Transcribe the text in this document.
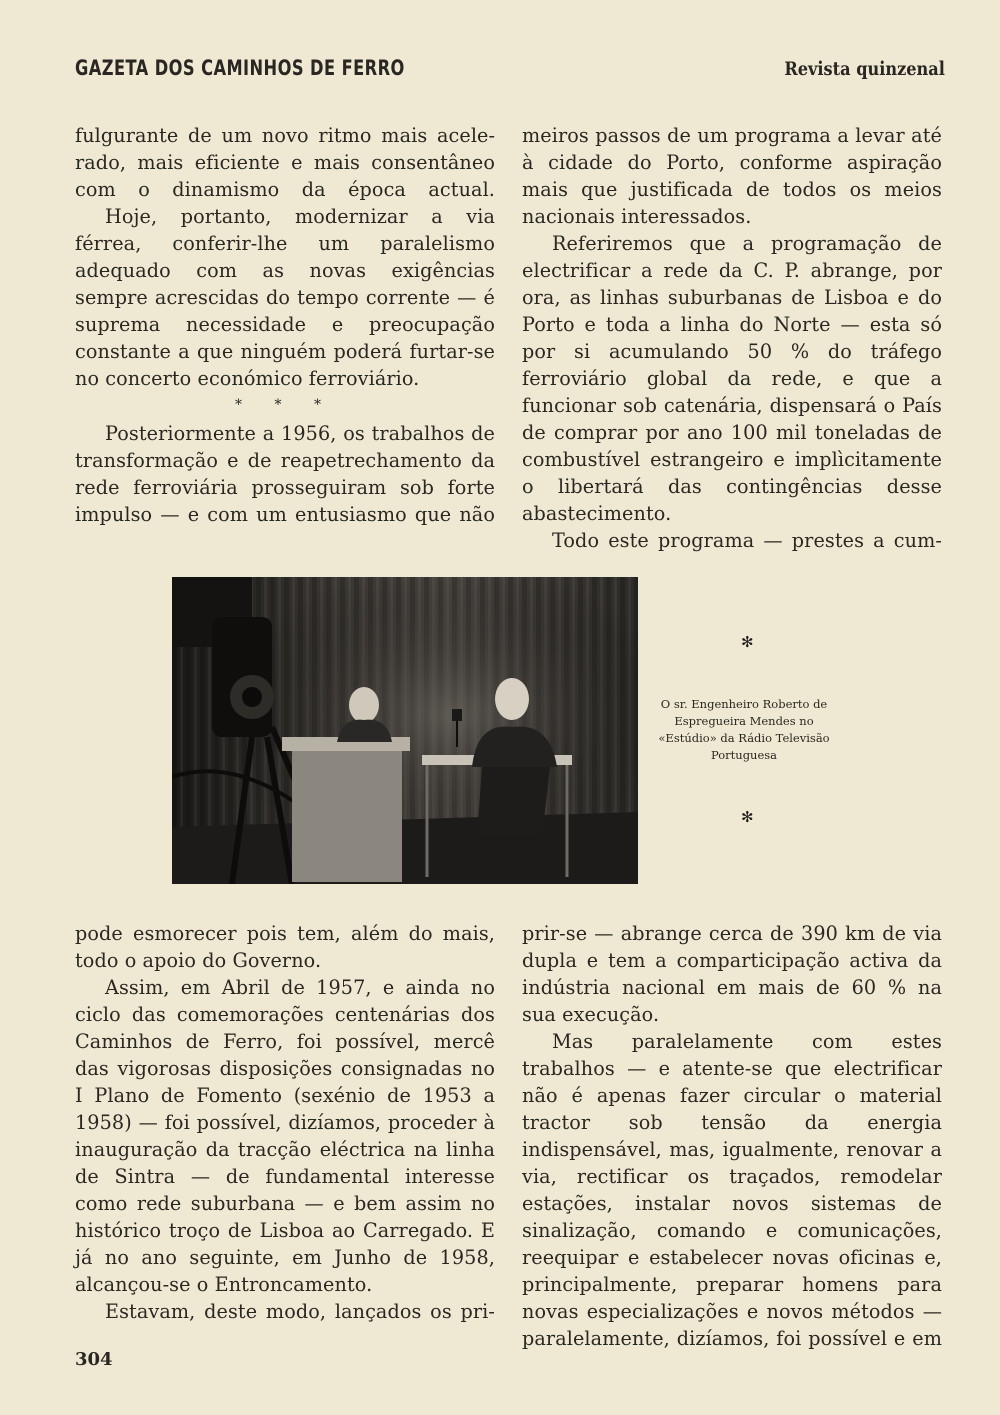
GAZETA DOS CAMINHOS DE FERRO	Revista quinzenal

fulgurante de um novo ritmo mais acelerado, mais eficiente e mais consentâneo com o dinamismo da época actual.

Hoje, portanto, modernizar a via férrea, conferir-lhe um paralelismo adequado com as novas exigências sempre acrescidas do tempo corrente — é suprema necessidade e preocupação constante a que ninguém poderá furtar-se no concerto económico ferroviário.

* * *

Posteriormente a 1956, os trabalhos de transformação e de reapetrechamento da rede ferroviária prosseguiram sob forte impulso — e com um entusiasmo que não

meiros passos de um programa a levar até à cidade do Porto, conforme aspiração mais que justificada de todos os meios nacionais interessados.

Referiremos que a programação de electrificar a rede da C. P. abrange, por ora, as linhas suburbanas de Lisboa e do Porto e toda a linha do Norte — esta só por si acumulando 50 % do tráfego ferroviário global da rede, e que a funcionar sob catenária, dispensará o País de comprar por ano 100 mil toneladas de combustível estrangeiro e implìcitamente o libertará das contingências desse abastecimento.

Todo este programa — prestes a cum-

✻
O sr. Engenheiro Roberto de Espregueira Mendes no «Estúdio» da Rádio Televisão Portuguesa
✻

pode esmorecer pois tem, além do mais, todo o apoio do Governo.

Assim, em Abril de 1957, e ainda no ciclo das comemorações centenárias dos Caminhos de Ferro, foi possível, mercê das vigorosas disposições consignadas no I Plano de Fomento (sexénio de 1953 a 1958) — foi possível, dizíamos, proceder à inauguração da tracção eléctrica na linha de Sintra — de fundamental interesse como rede suburbana — e bem assim no histórico troço de Lisboa ao Carregado. E já no ano seguinte, em Junho de 1958, alcançou-se o Entroncamento.

Estavam, deste modo, lançados os pri-

prir-se — abrange cerca de 390 km de via dupla e tem a comparticipação activa da indústria nacional em mais de 60 % na sua execução.

Mas paralelamente com estes trabalhos — e atente-se que electrificar não é apenas fazer circular o material tractor sob tensão da energia indispensável, mas, igualmente, renovar a via, rectificar os traçados, remodelar estações, instalar novos sistemas de sinalização, comando e comunicações, reequipar e estabelecer novas oficinas e, principalmente, preparar homens para novas especializações e novos métodos — paralelamente, dizíamos, foi possível e em

304
